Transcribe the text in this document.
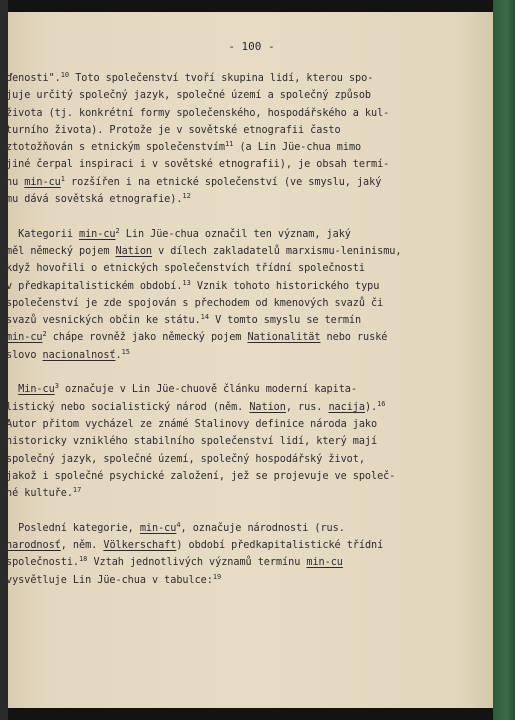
- 100 -
ďenosti".$^{10}$ Toto společenství tvoří skupina lidí, kterou spo-
juje určitý společný jazyk, společné území a společný způsob
života (tj. konkrétní formy společenského, hospodářského a kul-
turního života). Protože je v sovětské etnografii často
ztotožňován s etnickým společenstvím$^{11}$ (a Lin Jüe-chua mimo
jiné čerpal inspiraci i v sovětské etnografii), je obsah termí-
nu $\min-cu^1$ rozšířen i na etnické společenství (ve smyslu, jaký
mu dává sovětská etnografie).$^{12}$
Kategorii $\min-cu^2$ Lin Jüe-chua označil ten význam, jaký
měl německý pojem Nation v dílech zakladatelů marxismu-leninismu,
když hovořili o etnických společenstvích třídní společnosti
v předkapitalistickém období.$^{13}$ Vznik tohoto historického typu
společenství je zde spojován s přechodem od kmenových svazů či
svazů vesnických občin ke státu.$^{14}$ V tomto smyslu se termín
$\min-cu^2$ chápe rovněž jako německý pojem Nationalität nebo ruské
slovo nacionalnosť.$^{15}$
Min-$cu^3$ označuje v Lin Jüe-chuově článku moderní kapita-
listický nebo socialistický národ (něm. Nation, rus. nacija).$^{16}$
Autor přitom vycházel ze známé Stalinovy definice národa jako
historicky vzniklého stabilního společenství lidí, který mají
společný jazyk, společné území, společný hospodářský život,
jakož i společné psychické založení, jež se projevuje ve společ-
né kultuře.$^{17}$
Poslední kategorie, $\min-cu^4$, označuje národnosti (rus.
narodnosť, něm. Völkerschaft) období předkapitalistické třídní
společnosti.$^{18}$ Vztah jednotlivých významů termínu min-cu
vysvětluje Lin Jüe-chua v tabulce:$^{19}$
